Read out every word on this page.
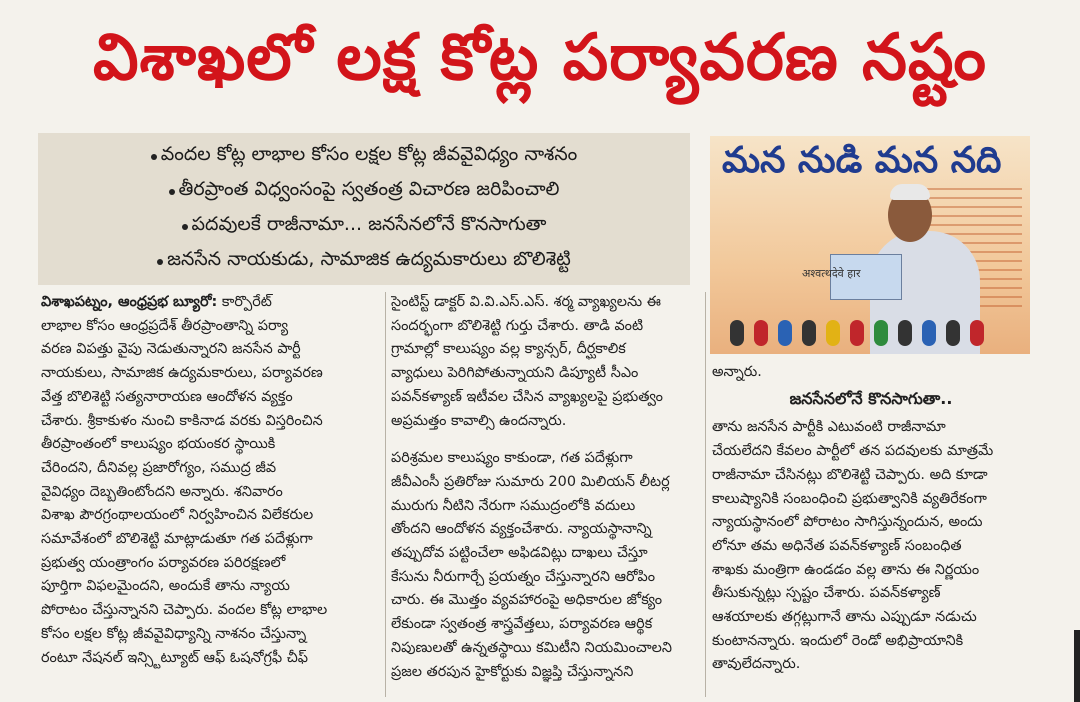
విశాఖలో లక్ష కోట్ల పర్యావరణ నష్టం
వందల కోట్ల లాభాల కోసం లక్షల కోట్ల జీవవైవిధ్యం నాశనం
తీరప్రాంత విధ్వంసంపై స్వతంత్ర విచారణ జరిపించాలి
పదవులకే రాజీనామా... జనసేనలోనే కొనసాగుతా
జనసేన నాయకుడు, సామాజిక ఉద్యమకారులు బొలిశెట్టి
మన నుడి మన నది
अश्वत्थदेवे हार

విశాఖపట్నం, ఆంధ్రప్రభ బ్యూరో: కార్పొరేట్

లాభాల కోసం ఆంధ్రప్రదేశ్ తీరప్రాంతాన్ని పర్యా

వరణ విపత్తు వైపు నెడుతున్నారని జనసేన పార్టీ

నాయకులు, సామాజిక ఉద్యమకారులు, పర్యావరణ

వేత్త బొలిశెట్టి సత్యనారాయణ ఆందోళన వ్యక్తం

చేశారు. శ్రీకాకుళం నుంచి కాకినాడ వరకు విస్తరించిన

తీరప్రాంతంలో కాలుష్యం భయంకర స్థాయికి

చేరిందని, దీనివల్ల ప్రజారోగ్యం, సముద్ర జీవ

వైవిధ్యం దెబ్బతింటోందని అన్నారు. శనివారం

విశాఖ పౌరగ్రంథాలయంలో నిర్వహించిన విలేకరుల

సమావేశంలో బొలిశెట్టి మాట్లాడుతూ గత పదేళ్లుగా

ప్రభుత్వ యంత్రాంగం పర్యావరణ పరిరక్షణలో

పూర్తిగా విఫలమైందని, అందుకే తాను న్యాయ

పోరాటం చేస్తున్నానని చెప్పారు. వందల కోట్ల లాభాల

కోసం లక్షల కోట్ల జీవవైవిధ్యాన్ని నాశనం చేస్తున్నా

రంటూ నేషనల్ ఇన్స్టిట్యూట్ ఆఫ్ ఓషనోగ్రఫీ చీఫ్

సైంటిస్ట్ డాక్టర్ వి.వి.ఎస్.ఎస్. శర్మ వ్యాఖ్యలను ఈ

సందర్భంగా బొలిశెట్టి గుర్తు చేశారు. తాడి వంటి

గ్రామాల్లో కాలుష్యం వల్ల క్యాన్సర్, దీర్ఘకాలిక

వ్యాధులు పెరిగిపోతున్నాయని డిప్యూటీ సీఎం

పవన్‌కళ్యాణ్ ఇటీవల చేసిన వ్యాఖ్యలపై ప్రభుత్వం

అప్రమత్తం కావాల్సి ఉందన్నారు.

పరిశ్రమల కాలుష్యం కాకుండా, గత పదేళ్లుగా

జీవీఎంసీ ప్రతిరోజు సుమారు 200 మిలియన్ లీటర్ల

మురుగు నీటిని నేరుగా సముద్రంలోకి వదులు

తోందని ఆందోళన వ్యక్తంచేశారు. న్యాయస్థానాన్ని

తప్పుదోవ పట్టించేలా అఫిడవిట్లు దాఖలు చేస్తూ

కేసును నీరుగార్చే ప్రయత్నం చేస్తున్నారని ఆరోపిం

చారు. ఈ మొత్తం వ్యవహారంపై అధికారుల జోక్యం

లేకుండా స్వతంత్ర శాస్త్రవేత్తలు, పర్యావరణ ఆర్థిక

నిపుణులతో ఉన్నతస్థాయి కమిటీని నియమించాలని

ప్రజల తరపున హైకోర్టుకు విజ్ఞప్తి చేస్తున్నానని

అన్నారు.

జనసేనలోనే కొనసాగుతా..

తాను జనసేన పార్టీకి ఎటువంటి రాజీనామా

చేయలేదని కేవలం పార్టీలో తన పదవులకు మాత్రమే

రాజీనామా చేసినట్లు బొలిశెట్టి చెప్పారు. అది కూడా

కాలుష్యానికి సంబంధించి ప్రభుత్వానికి వ్యతిరేకంగా

న్యాయస్థానంలో పోరాటం సాగిస్తున్నందున, అందు

లోనూ తమ అధినేత పవన్‌కళ్యాణ్ సంబంధిత

శాఖకు మంత్రిగా ఉండడం వల్ల తాను ఈ నిర్ణయం

తీసుకున్నట్లు స్పష్టం చేశారు. పవన్‌కళ్యాణ్

ఆశయాలకు తగ్గట్లుగానే తాను ఎప్పుడూ నడుచు

కుంటానన్నారు. ఇందులో రెండో అభిప్రాయానికి

తావులేదన్నారు.
